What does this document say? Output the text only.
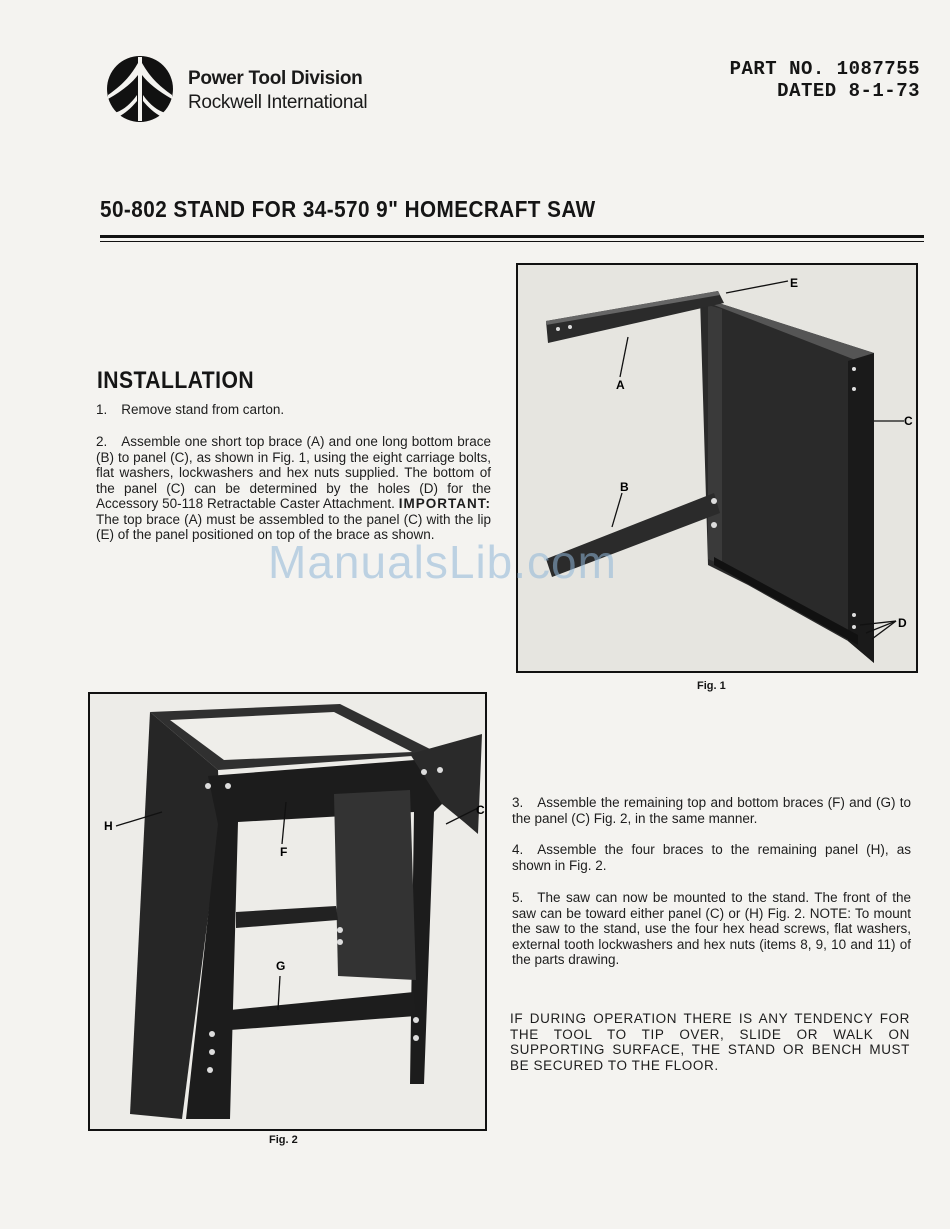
Power Tool Division
Rockwell International
PART NO. 1087755
DATED 8-1-73
50-802 STAND FOR 34-570 9" HOMECRAFT SAW
INSTALLATION
1. Remove stand from carton.
2. Assemble one short top brace (A) and one long bottom brace (B) to panel (C), as shown in Fig. 1, using the eight carriage bolts, flat washers, lockwashers and hex nuts supplied. The bottom of the panel (C) can be determined by the holes (D) for the Accessory 50-118 Retractable Caster Attachment. IMPORTANT: The top brace (A) must be assembled to the panel (C) with the lip (E) of the panel positioned on top of the brace as shown.
E
A
B
C
D
Fig. 1
H
F
G
C
Fig. 2
3. Assemble the remaining top and bottom braces (F) and (G) to the panel (C) Fig. 2, in the same manner.
4. Assemble the four braces to the remaining panel (H), as shown in Fig. 2.
5. The saw can now be mounted to the stand. The front of the saw can be toward either panel (C) or (H) Fig. 2. NOTE: To mount the saw to the stand, use the four hex head screws, flat washers, external tooth lockwashers and hex nuts (items 8, 9, 10 and 11) of the parts drawing.
IF DURING OPERATION THERE IS ANY TENDENCY FOR THE TOOL TO TIP OVER, SLIDE OR WALK ON SUPPORTING SURFACE, THE STAND OR BENCH MUST BE SECURED TO THE FLOOR.
ManualsLib.com
